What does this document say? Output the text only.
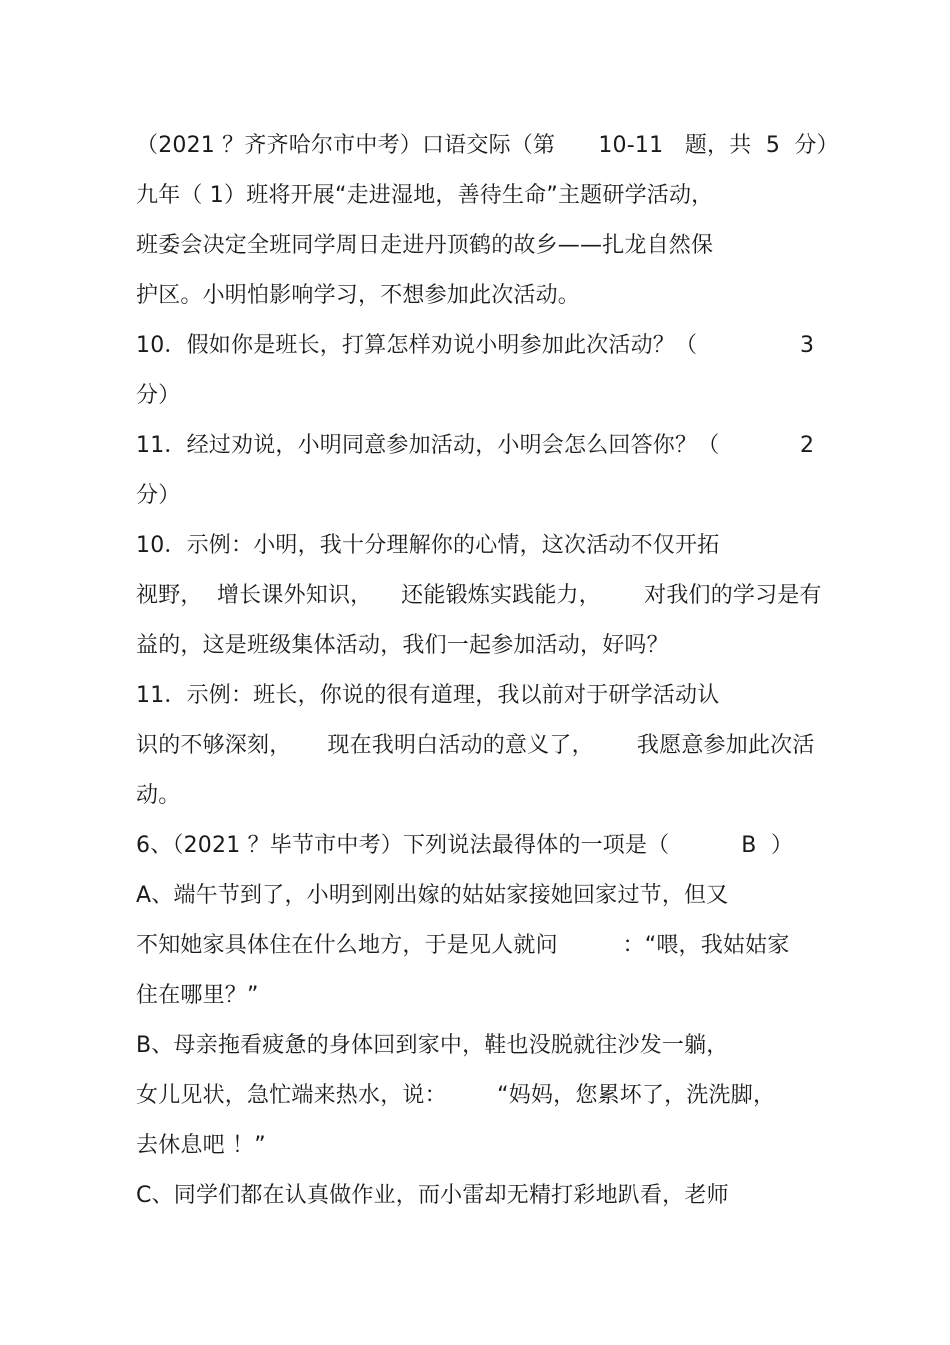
（2021 ？齐齐哈尔市中考）口语交际（第      10-11   题，共  5  分）
九年（ 1）班将开展“走进湿地，善待生命”主题研学活动，
班委会决定全班同学周日走进丹顶鹤的故乡——扎龙自然保
护区。小明怕影响学习，不想参加此次活动。
10．假如你是班长，打算怎样劝说小明参加此次活动？（	3
分）
11．经过劝说，小明同意参加活动，小明会怎么回答你？（	2
分）
10．示例：小明，我十分理解你的心情，这次活动不仅开拓
视野，  增长课外知识，    还能锻炼实践能力，      对我们的学习是有
益的，这是班级集体活动，我们一起参加活动，好吗？
11．示例：班长，你说的很有道理，我以前对于研学活动认
识的不够深刻，     现在我明白活动的意义了，      我愿意参加此次活
动。
6、（2021 ？毕节市中考）下列说法最得体的一项是（          B  ）
A、端午节到了，小明到刚出嫁的姑姑家接她回家过节，但又
不知她家具体住在什么地方，于是见人就问         ：“喂，我姑姑家
住在哪里？”
B、母亲拖看疲惫的身体回到家中，鞋也没脱就往沙发一躺，
女儿见状，急忙端来热水，说：       “妈妈，您累坏了，洗洗脚，
去休息吧 ！”
C、同学们都在认真做作业，而小雷却无精打彩地趴看，老师
